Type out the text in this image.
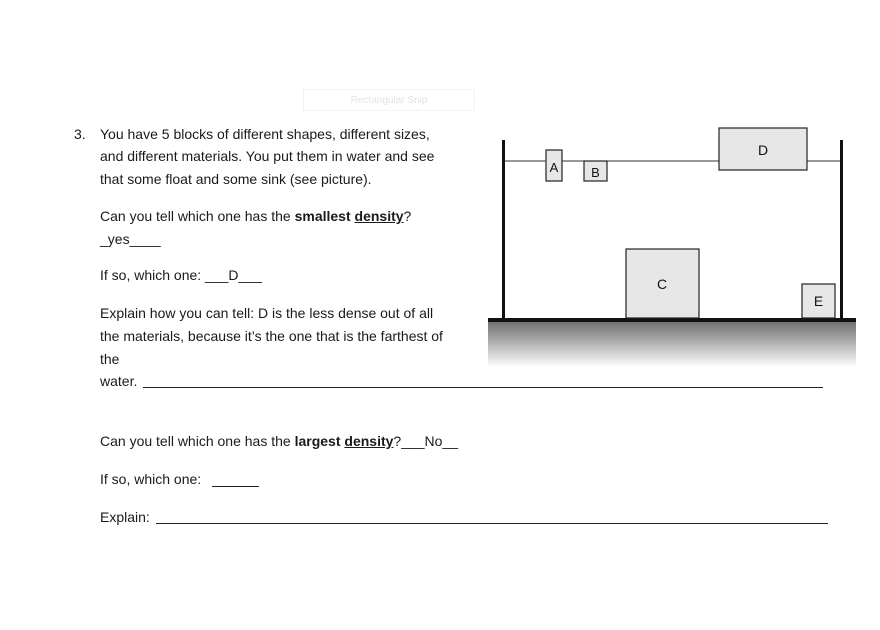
Rectangular Snip
3. You have 5 blocks of different shapes, different sizes,
and different materials. You put them in water and see
that some float and some sink (see picture).
Can you tell which one has the smallest density?
_yes____
If so, which one: ___D___
Explain how you can tell: D is the less dense out of all
the materials, because it’s the one that is the farthest of
the
water.
Can you tell which one has the largest density?___No__
If so, which one:
Explain:
A	B
D
C
E
